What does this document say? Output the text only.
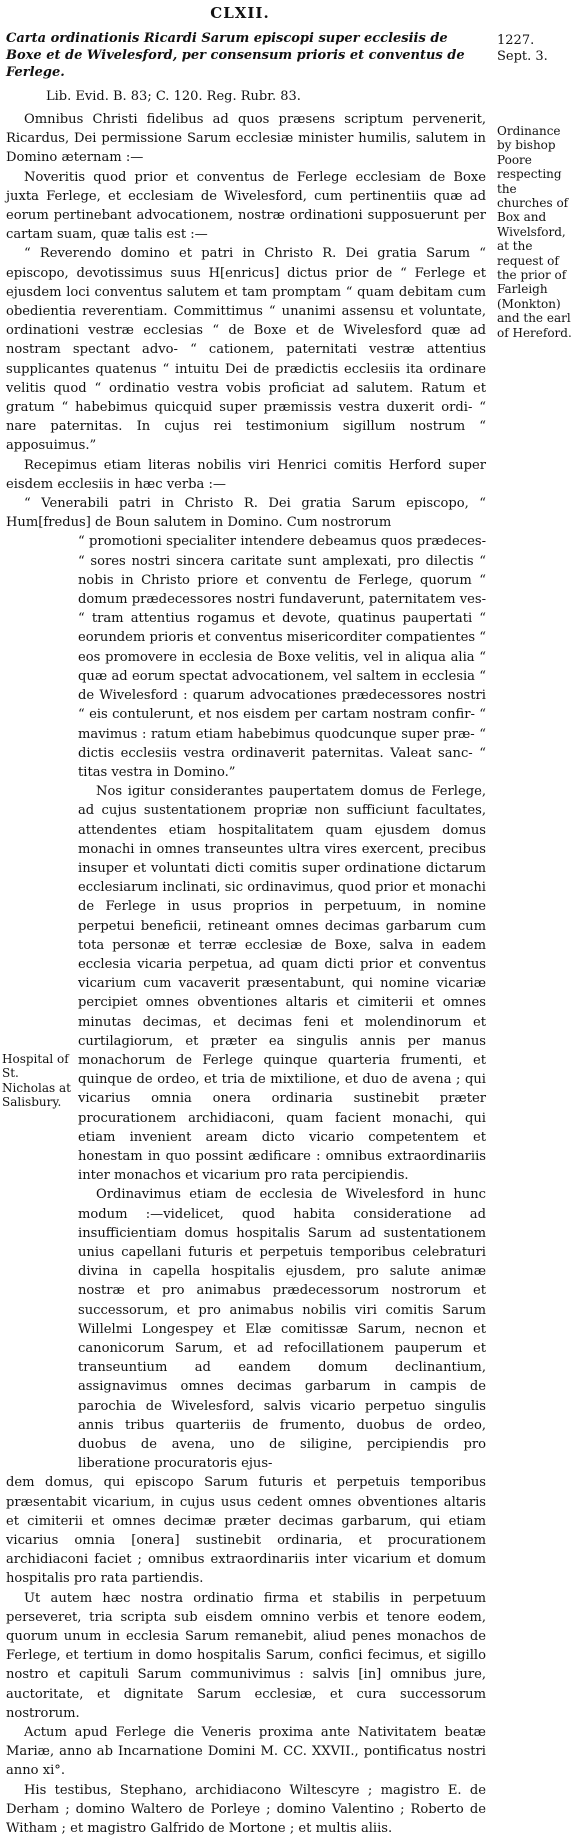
CLXII.
Carta ordinationis Ricardi Sarum episcopi super ecclesiis de Boxe et de Wivelesford, per consensum prioris et conventus de Ferlege.
1227.
Sept. 3.
Lib. Evid. B. 83; C. 120. Reg. Rubr. 83.
Ordinance by bishop Poore respecting the churches of Box and Wivelsford, at the request of the prior of Farleigh (Monkton) and the earl of Hereford.

Omnibus Christi fidelibus ad quos præsens scriptum pervenerit, Ricardus, Dei permissione Sarum ecclesiæ minister humilis, salutem in Domino æternam :—

Noveritis quod prior et conventus de Ferlege ecclesiam de Boxe juxta Ferlege, et ecclesiam de Wivelesford, cum pertinentiis quæ ad eorum pertinebant advocationem, nostræ ordinationi supposuerunt per cartam suam, quæ talis est :—

“ Reverendo domino et patri in Christo R. Dei gratia Sarum “ episcopo, devotissimus suus H[enricus] dictus prior de “ Ferlege et ejusdem loci conventus salutem et tam promptam “ quam debitam cum obedientia reverentiam. Committimus “ unanimi assensu et voluntate, ordinationi vestræ ecclesias “ de Boxe et de Wivelesford quæ ad nostram spectant advo- “ cationem, paternitati vestræ attentius supplicantes quatenus “ intuitu Dei de prædictis ecclesiis ita ordinare velitis quod “ ordinatio vestra vobis proficiat ad salutem. Ratum et gratum “ habebimus quicquid super præmissis vestra duxerit ordi- “ nare paternitas. In cujus rei testimonium sigillum nostrum “ apposuimus.”

Recepimus etiam literas nobilis viri Henrici comitis Herford super eisdem ecclesiis in hæc verba :—

“ Venerabili patri in Christo R. Dei gratia Sarum episcopo, “ Hum[fredus] de Boun salutem in Domino. Cum nostrorum

“ promotioni specialiter intendere debeamus quos prædeces- “ sores nostri sincera caritate sunt amplexati, pro dilectis “ nobis in Christo priore et conventu de Ferlege, quorum “ domum prædecessores nostri fundaverunt, paternitatem ves- “ tram attentius rogamus et devote, quatinus paupertati “ eorundem prioris et conventus misericorditer compatientes “ eos promovere in ecclesia de Boxe velitis, vel in aliqua alia “ quæ ad eorum spectat advocationem, vel saltem in ecclesia “ de Wivelesford : quarum advocationes prædecessores nostri “ eis contulerunt, et nos eisdem per cartam nostram confir- “ mavimus : ratum etiam habebimus quodcunque super præ- “ dictis ecclesiis vestra ordinaverit paternitas. Valeat sanc- “ titas vestra in Domino.”

Nos igitur considerantes paupertatem domus de Ferlege, ad cujus sustentationem propriæ non sufficiunt facultates, attendentes etiam hospitalitatem quam ejusdem domus monachi in omnes transeuntes ultra vires exercent, precibus insuper et voluntati dicti comitis super ordinatione dictarum ecclesiarum inclinati, sic ordinavimus, quod prior et monachi de Ferlege in usus proprios in perpetuum, in nomine perpetui beneficii, retineant omnes decimas garbarum cum tota personæ et terræ ecclesiæ de Boxe, salva in eadem ecclesia vicaria perpetua, ad quam dicti prior et conventus vicarium cum vacaverit præsentabunt, qui nomine vicariæ percipiet omnes obventiones altaris et cimiterii et omnes minutas decimas, et decimas feni et molendinorum et curtilagiorum, et præter ea singulis annis per manus monachorum de Ferlege quinque quarteria frumenti, et quinque de ordeo, et tria de mixtilione, et duo de avena ; qui vicarius omnia onera ordinaria sustinebit præter procurationem archidiaconi, quam facient monachi, qui etiam invenient aream dicto vicario competentem et honestam in quo possint ædificare : omnibus extraordinariis inter monachos et vicarium pro rata percipiendis.

Ordinavimus etiam de ecclesia de Wivelesford in hunc modum :—videlicet, quod habita consideratione ad insufficientiam domus hospitalis Sarum ad sustentationem unius capellani futuris et perpetuis temporibus celebraturi divina in capella hospitalis ejusdem, pro salute animæ nostræ et pro animabus prædecessorum nostrorum et successorum, et pro animabus nobilis viri comitis Sarum Willelmi Longespey et Elæ comitissæ Sarum, necnon et canonicorum Sarum, et ad refocillationem pauperum et transeuntium ad eandem domum declinantium, assignavimus omnes decimas garbarum in campis de parochia de Wivelesford, salvis vicario perpetuo singulis annis tribus quarteriis de frumento, duobus de ordeo, duobus de avena, uno de siligine, percipiendis pro liberatione procuratoris ejus-

dem domus, qui episcopo Sarum futuris et perpetuis temporibus præsentabit vicarium, in cujus usus cedent omnes obventiones altaris et cimiterii et omnes decimæ præter decimas garbarum, qui etiam vicarius omnia [onera] sustinebit ordinaria, et procurationem archidiaconi faciet ; omnibus extraordinariis inter vicarium et domum hospitalis pro rata partiendis.

Ut autem hæc nostra ordinatio firma et stabilis in perpetuum perseveret, tria scripta sub eisdem omnino verbis et tenore eodem, quorum unum in ecclesia Sarum remanebit, aliud penes monachos de Ferlege, et tertium in domo hospitalis Sarum, confici fecimus, et sigillo nostro et capituli Sarum communivimus : salvis [in] omnibus jure, auctoritate, et dignitate Sarum ecclesiæ, et cura successorum nostrorum.

Actum apud Ferlege die Veneris proxima ante Nativitatem beatæ Mariæ, anno ab Incarnatione Domini M. CC. XXVII., pontificatus nostri anno xi°.

His testibus, Stephano, archidiacono Wiltescyre ; magistro E. de Derham ; domino Waltero de Porleye ; domino Valentino ; Roberto de Witham ; et magistro Galfrido de Mortone ; et multis aliis.

Hospital of St. Nicholas at Salisbury.
